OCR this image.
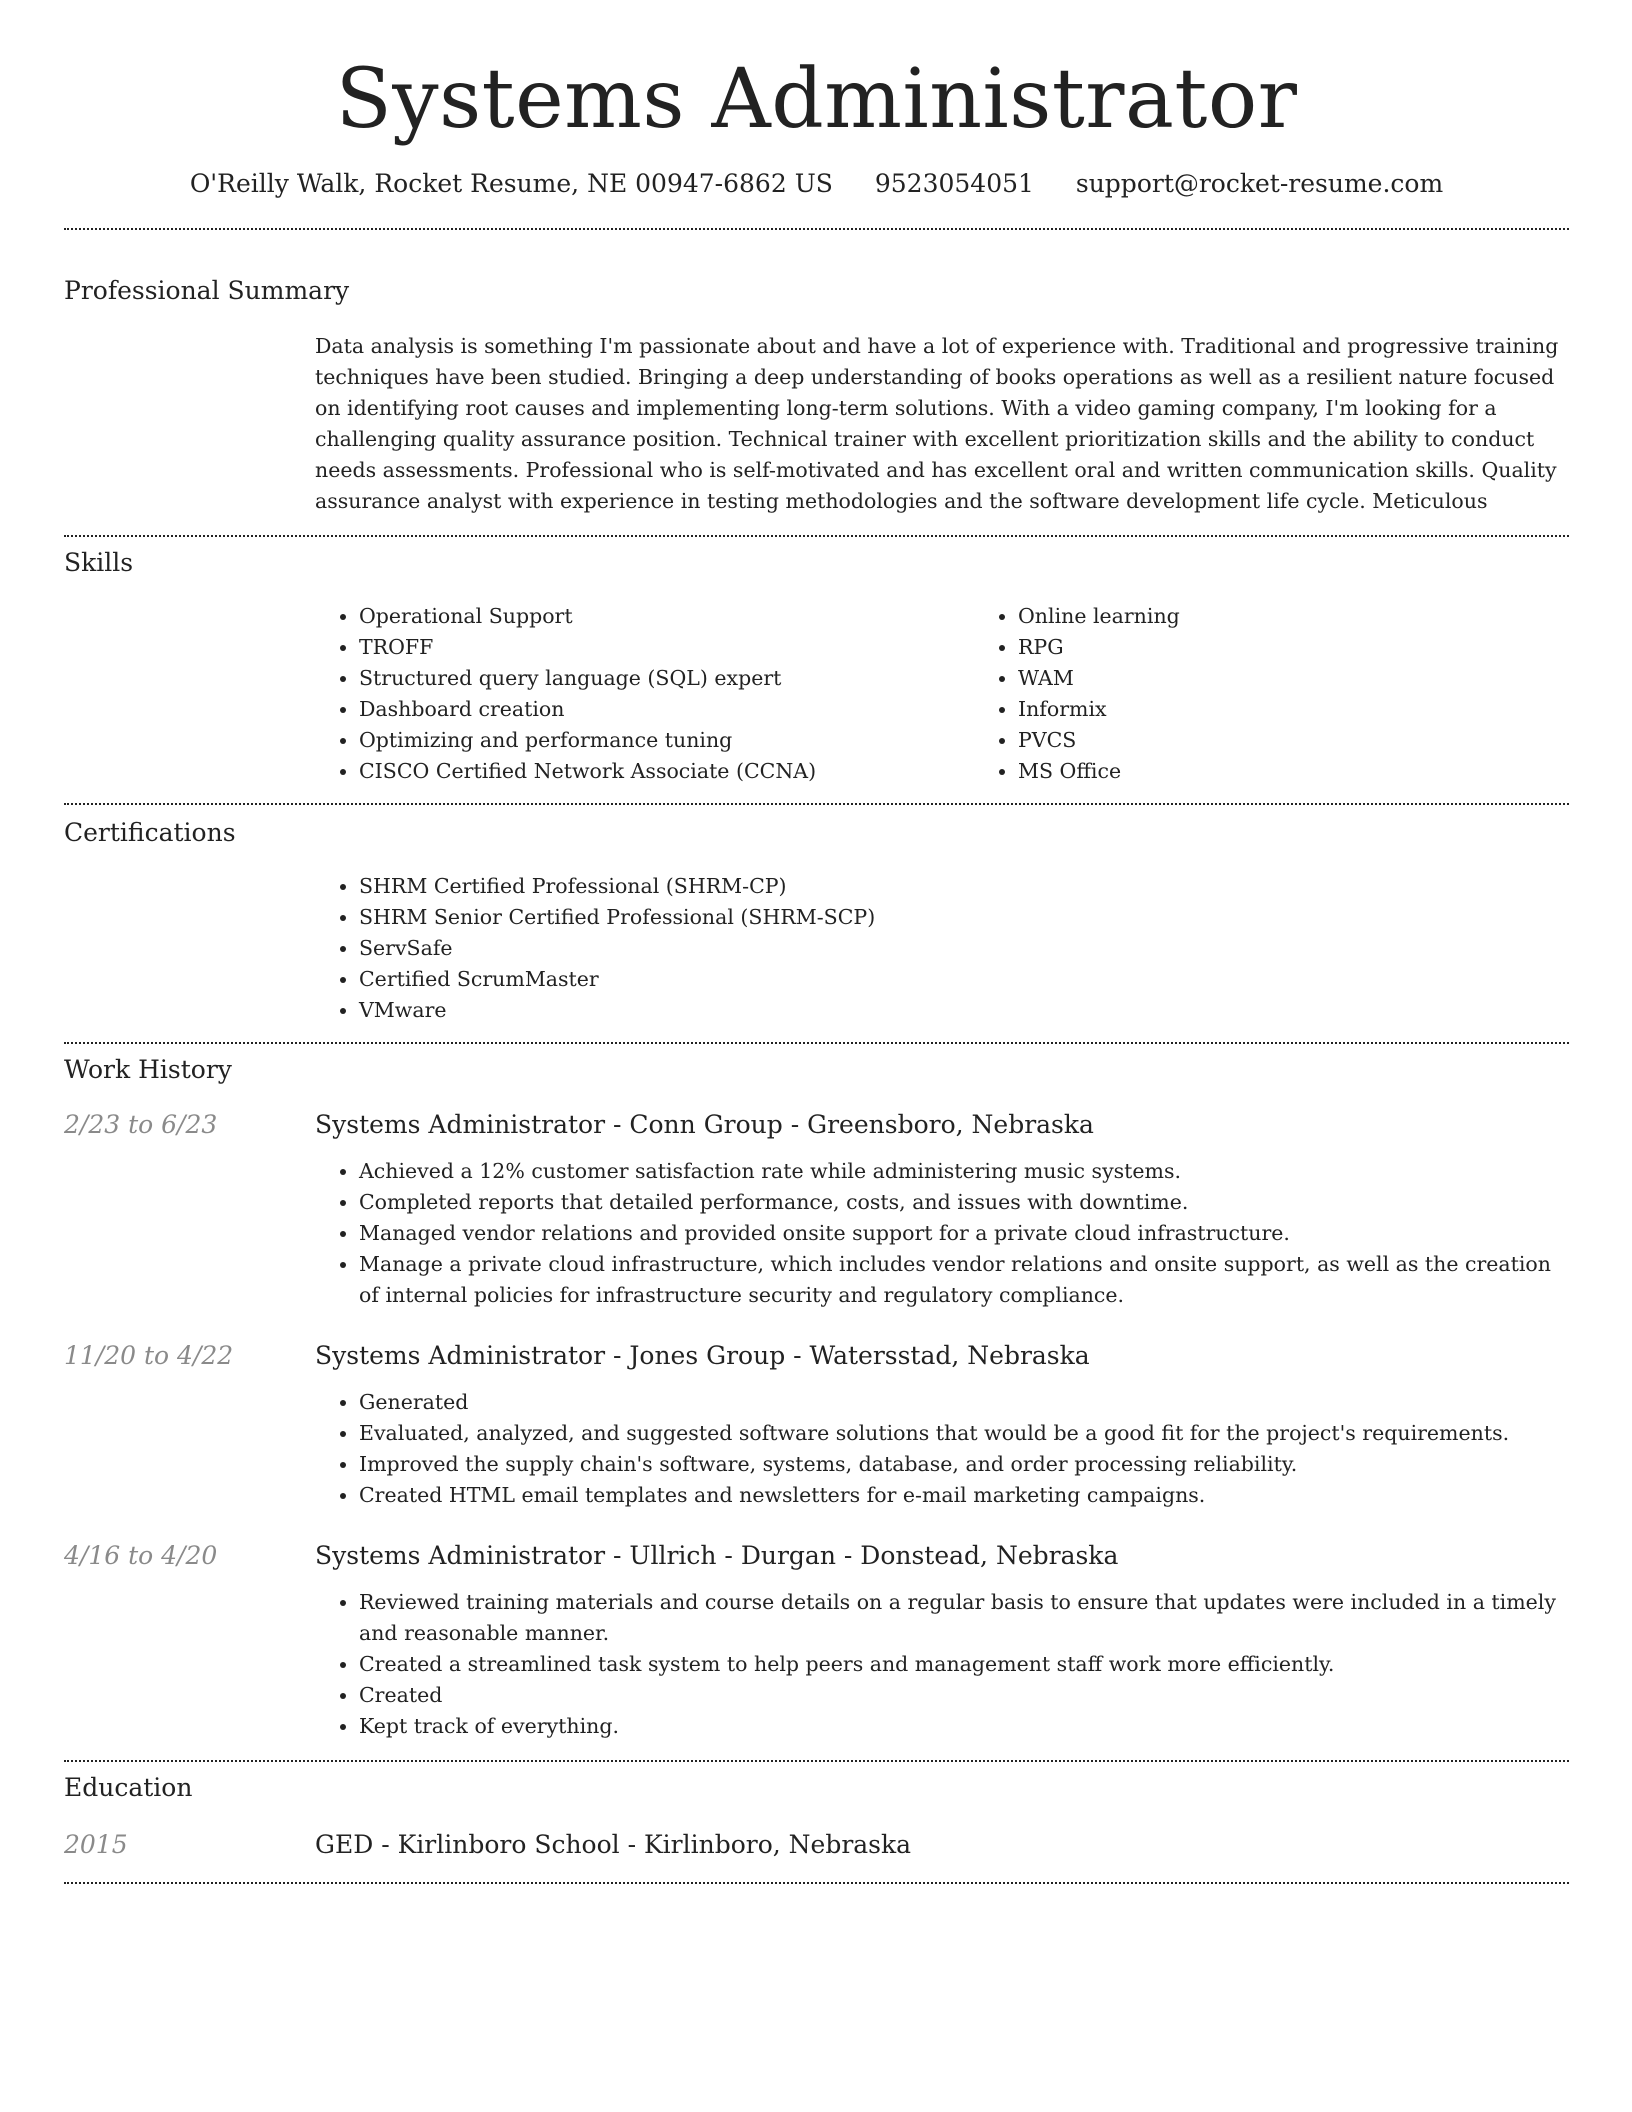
Systems Administrator
O'Reilly Walk, Rocket Resume, NE 00947-6862 US 9523054051 support@rocket-resume.com
Professional Summary

Data analysis is something I'm passionate about and have a lot of experience with. Traditional and progressive training techniques have been studied. Bringing a deep understanding of books operations as well as a resilient nature focused on identifying root causes and implementing long-term solutions. With a video gaming company, I'm looking for a challenging quality assurance position. Technical trainer with excellent prioritization skills and the ability to conduct needs assessments. Professional who is self-motivated and has excellent oral and written communication skills. Quality assurance analyst with experience in testing methodologies and the software development life cycle. Meticulous

Skills
• Operational Support
• TROFF
• Structured query language (SQL) expert
• Dashboard creation
• Optimizing and performance tuning
• CISCO Certified Network Associate (CCNA)
• Online learning
• RPG
• WAM
• Informix
• PVCS
• MS Office
Certifications
• SHRM Certified Professional (SHRM-CP)
• SHRM Senior Certified Professional (SHRM-SCP)
• ServSafe
• Certified ScrumMaster
• VMware
Work History
2/23 to 6/23	Systems Administrator - Conn Group - Greensboro, Nebraska
• Achieved a 12% customer satisfaction rate while administering music systems.
• Completed reports that detailed performance, costs, and issues with downtime.
• Managed vendor relations and provided onsite support for a private cloud infrastructure.
• Manage a private cloud infrastructure, which includes vendor relations and onsite support, as well as the creation of internal policies for infrastructure security and regulatory compliance.
11/20 to 4/22	Systems Administrator - Jones Group - Watersstad, Nebraska
• Generated
• Evaluated, analyzed, and suggested software solutions that would be a good fit for the project's requirements.
• Improved the supply chain's software, systems, database, and order processing reliability.
• Created HTML email templates and newsletters for e-mail marketing campaigns.
4/16 to 4/20	Systems Administrator - Ullrich - Durgan - Donstead, Nebraska
• Reviewed training materials and course details on a regular basis to ensure that updates were included in a timely and reasonable manner.
• Created a streamlined task system to help peers and management staff work more efficiently.
• Created
• Kept track of everything.
Education
2015	GED - Kirlinboro School - Kirlinboro, Nebraska
